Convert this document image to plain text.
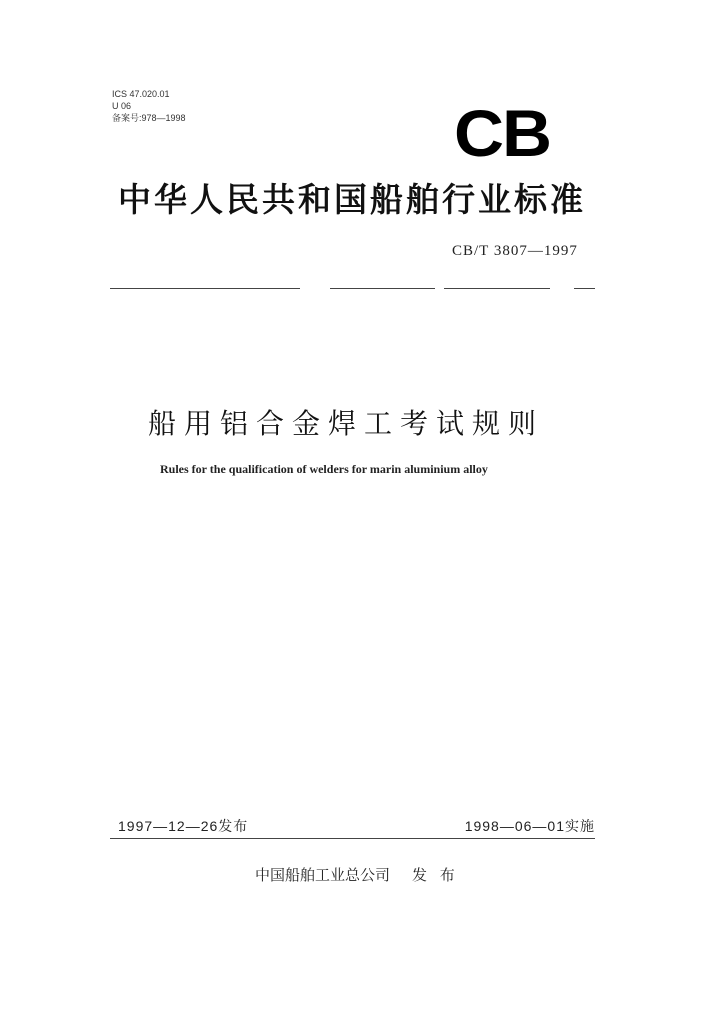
ICS 47.020.01
U 06
备案号:978—1998	CB
中华人民共和国船舶行业标准
CB/T 3807—1997
船用铝合金焊工考试规则
Rules for the qualification of welders for marin aluminium alloy
1997—12—26发布	1998—06—01实施
中国船舶工业总公司 发 布
